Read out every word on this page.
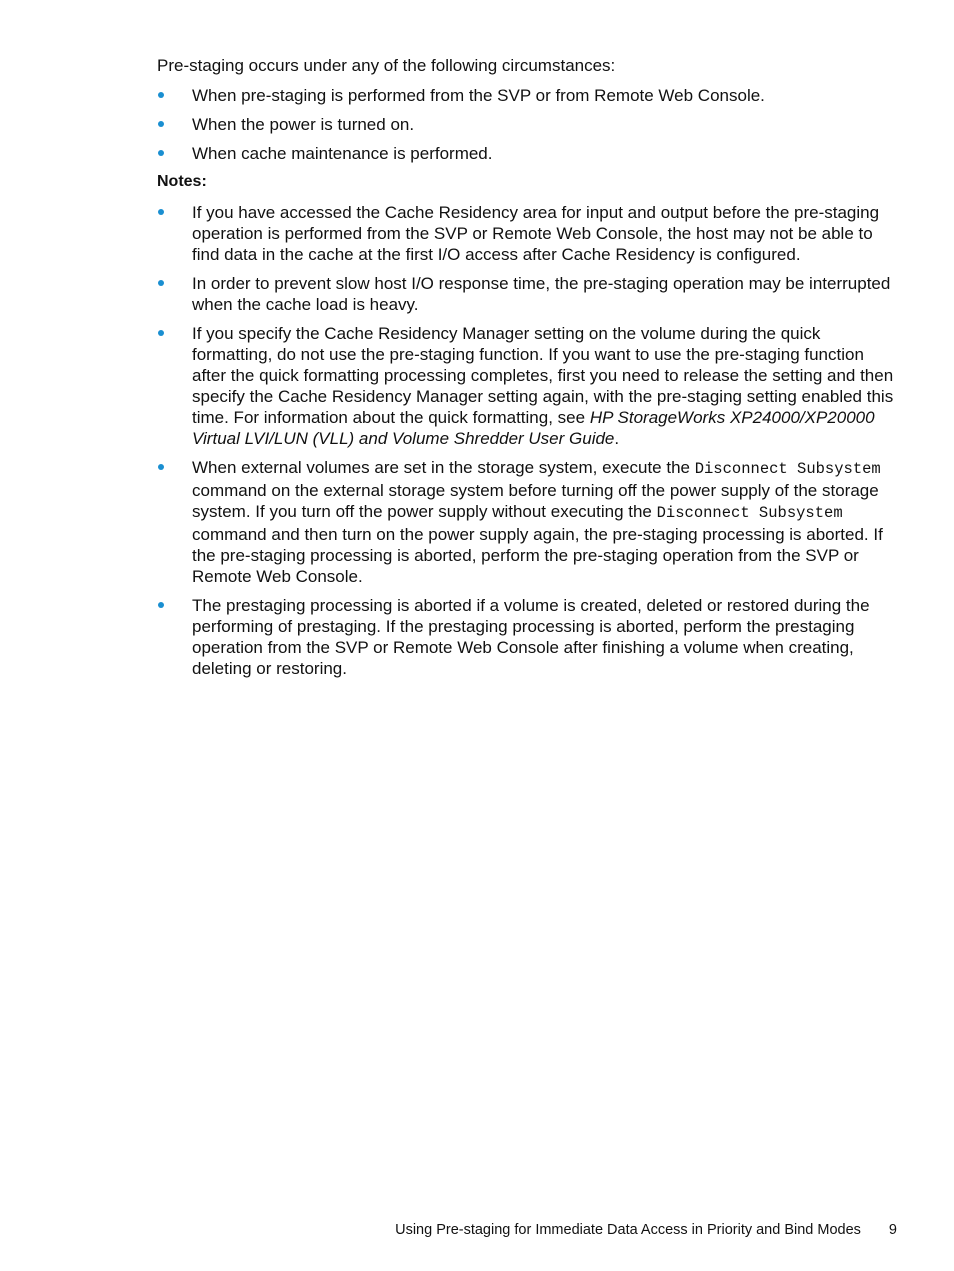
Pre-staging occurs under any of the following circumstances:

When pre-staging is performed from the SVP or from Remote Web Console.
When the power is turned on.
When cache maintenance is performed.
Notes:
If you have accessed the Cache Residency area for input and output before the pre-staging operation is performed from the SVP or Remote Web Console, the host may not be able to find data in the cache at the first I/O access after Cache Residency is configured.
In order to prevent slow host I/O response time, the pre-staging operation may be interrupted when the cache load is heavy.
If you specify the Cache Residency Manager setting on the volume during the quick formatting, do not use the pre-staging function. If you want to use the pre-staging function after the quick formatting processing completes, first you need to release the setting and then specify the Cache Residency Manager setting again, with the pre-staging setting enabled this time. For information about the quick formatting, see HP StorageWorks XP24000/XP20000 Virtual LVI/LUN (VLL) and Volume Shredder User Guide.
When external volumes are set in the storage system, execute the Disconnect Subsystem command on the external storage system before turning off the power supply of the storage system. If you turn off the power supply without executing the Disconnect Subsystem command and then turn on the power supply again, the pre-staging processing is aborted. If the pre-staging processing is aborted, perform the pre-staging operation from the SVP or Remote Web Console.
The prestaging processing is aborted if a volume is created, deleted or restored during the performing of prestaging. If the prestaging processing is aborted, perform the prestaging operation from the SVP or Remote Web Console after finishing a volume when creating, deleting or restoring.
Using Pre-staging for Immediate Data Access in Priority and Bind Modes 9
